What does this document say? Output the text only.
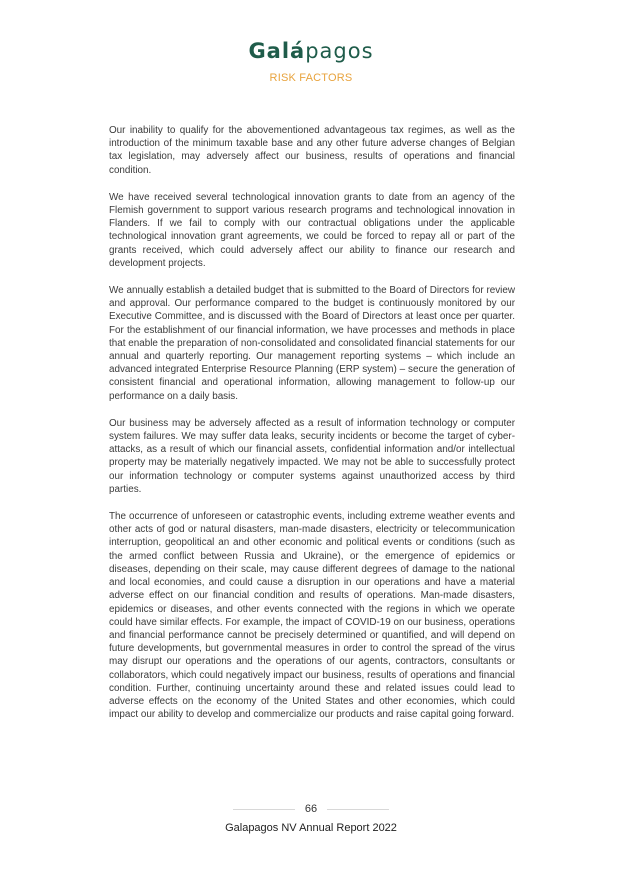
Galápagos
RISK FACTORS

Our inability to qualify for the abovementioned advantageous tax regimes, as well as the introduction of the minimum taxable base and any other future adverse changes of Belgian tax legislation, may adversely affect our business, results of operations and financial condition.

We have received several technological innovation grants to date from an agency of the Flemish government to support various research programs and technological innovation in Flanders. If we fail to comply with our contractual obligations under the applicable technological innovation grant agreements, we could be forced to repay all or part of the grants received, which could adversely affect our ability to finance our research and development projects.

We annually establish a detailed budget that is submitted to the Board of Directors for review and approval. Our performance compared to the budget is continuously monitored by our Executive Committee, and is discussed with the Board of Directors at least once per quarter. For the establishment of our financial information, we have processes and methods in place that enable the preparation of non-consolidated and consolidated financial statements for our annual and quarterly reporting. Our management reporting systems – which include an advanced integrated Enterprise Resource Planning (ERP system) – secure the generation of consistent financial and operational information, allowing management to follow-up our performance on a daily basis.

Our business may be adversely affected as a result of information technology or computer system failures. We may suffer data leaks, security incidents or become the target of cyber-attacks, as a result of which our financial assets, confidential information and/or intellectual property may be materially negatively impacted. We may not be able to successfully protect our information technology or computer systems against unauthorized access by third parties.

The occurrence of unforeseen or catastrophic events, including extreme weather events and other acts of god or natural disasters, man-made disasters, electricity or telecommunication interruption, geopolitical an and other economic and political events or conditions (such as the armed conflict between Russia and Ukraine), or the emergence of epidemics or diseases, depending on their scale, may cause different degrees of damage to the national and local economies, and could cause a disruption in our operations and have a material adverse effect on our financial condition and results of operations. Man-made disasters, epidemics or diseases, and other events connected with the regions in which we operate could have similar effects. For example, the impact of COVID-19 on our business, operations and financial performance cannot be precisely determined or quantified, and will depend on future developments, but governmental measures in order to control the spread of the virus may disrupt our operations and the operations of our agents, contractors, consultants or collaborators, which could negatively impact our business, results of operations and financial condition. Further, continuing uncertainty around these and related issues could lead to adverse effects on the economy of the United States and other economies, which could impact our ability to develop and commercialize our products and raise capital going forward.

66
Galapagos NV Annual Report 2022
